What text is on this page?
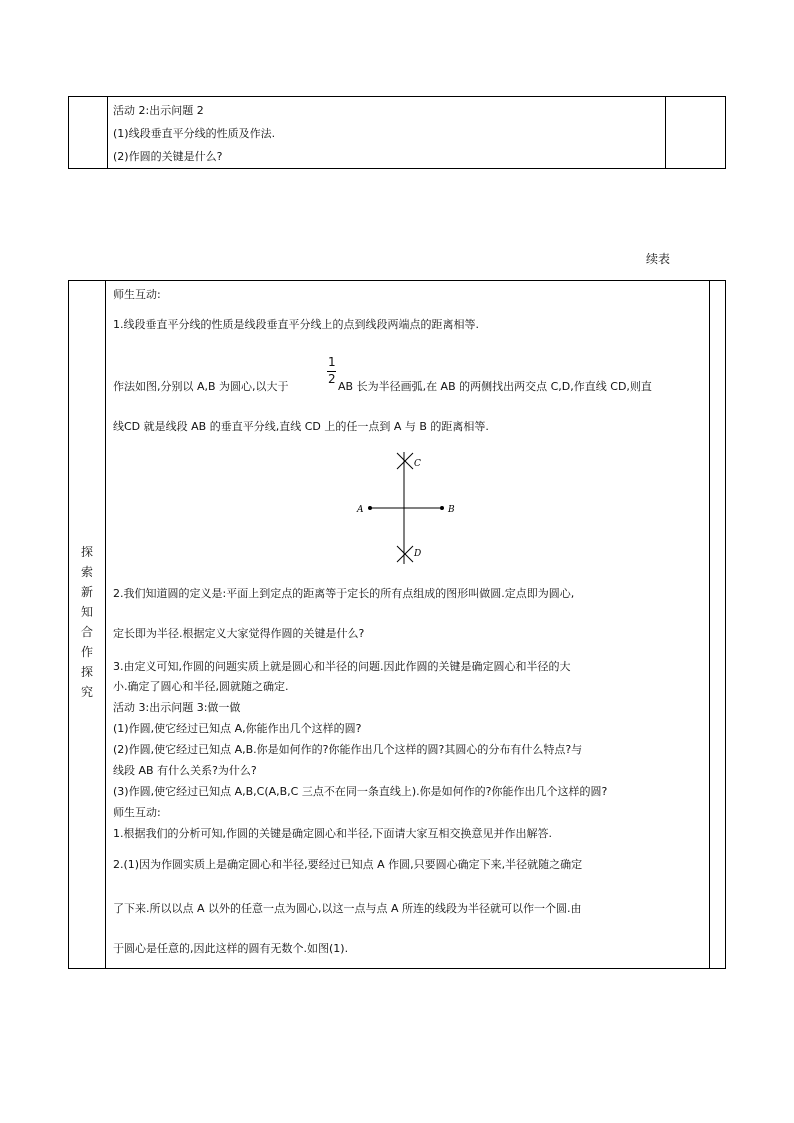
活动 2:出示问题 2
(1)线段垂直平分线的性质及作法.
(2)作圆的关键是什么?
续表
探
索
新
知
合
作
探
究
师生互动:
1.线段垂直平分线的性质是线段垂直平分线上的点到线段两端点的距离相等.
1
2
作法如图,分别以 A,B 为圆心,以大于	AB 长为半径画弧,在 AB 的两侧找出两交点 C,D,作直线 CD,则直
线CD 就是线段 AB 的垂直平分线,直线 CD 上的任一点到 A 与 B 的距离相等.
A	B
C
D
2.我们知道圆的定义是:平面上到定点的距离等于定长的所有点组成的图形叫做圆.定点即为圆心,
定长即为半径.根据定义大家觉得作圆的关键是什么?
3.由定义可知,作圆的问题实质上就是圆心和半径的问题.因此作圆的关键是确定圆心和半径的大
小.确定了圆心和半径,圆就随之确定.
活动 3:出示问题 3:做一做
(1)作圆,使它经过已知点 A,你能作出几个这样的圆?
(2)作圆,使它经过已知点 A,B.你是如何作的?你能作出几个这样的圆?其圆心的分布有什么特点?与
线段 AB 有什么关系?为什么?
(3)作圆,使它经过已知点 A,B,C(A,B,C 三点不在同一条直线上).你是如何作的?你能作出几个这样的圆?
师生互动:
1.根据我们的分析可知,作圆的关键是确定圆心和半径,下面请大家互相交换意见并作出解答.
2.(1)因为作圆实质上是确定圆心和半径,要经过已知点 A 作圆,只要圆心确定下来,半径就随之确定
了下来.所以以点 A 以外的任意一点为圆心,以这一点与点 A 所连的线段为半径就可以作一个圆.由
于圆心是任意的,因此这样的圆有无数个.如图(1).
